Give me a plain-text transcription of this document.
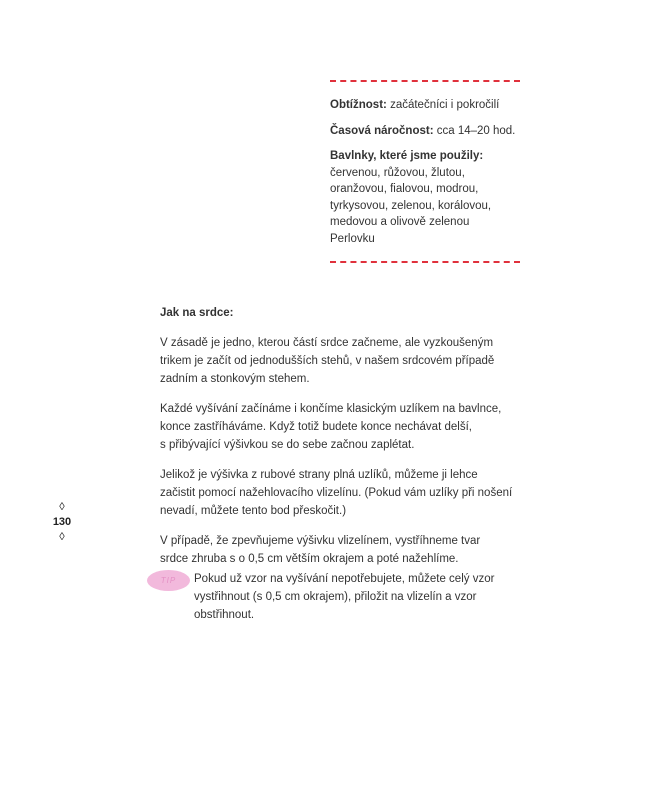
Obtížnost: začátečníci i pokročilí

Časová náročnost: cca 14–20 hod.

Bavlnky, které jsme použily:
červenou, růžovou, žlutou,
oranžovou, fialovou, modrou,
tyrkysovou, zelenou, korálovou,
medovou a olivově zelenou
Perlovku

Jak na srdce:

V zásadě je jedno, kterou částí srdce začneme, ale vyzkoušeným
trikem je začít od jednodušších stehů, v našem srdcovém případě
zadním a stonkovým stehem.

Každé vyšívání začínáme i končíme klasickým uzlíkem na bavlnce,
konce zastříháváme. Když totiž budete konce nechávat delší,
s přibývající výšivkou se do sebe začnou zaplétat.

Jelikož je výšivka z rubové strany plná uzlíků, můžeme ji lehce
začistit pomocí nažehlovacího vlizelínu. (Pokud vám uzlíky při nošení
nevadí, můžete tento bod přeskočit.)

V případě, že zpevňujeme výšivku vlizelínem, vystříhneme tvar
srdce zhruba s o 0,5 cm větším okrajem a poté nažehlíme.

TIP	Pokud už vzor na vyšívání nepotřebujete, můžete celý vzor
vystřihnout (s 0,5 cm okrajem), přiložit na vlizelín a vzor
obstřihnout.
◊
130
◊
